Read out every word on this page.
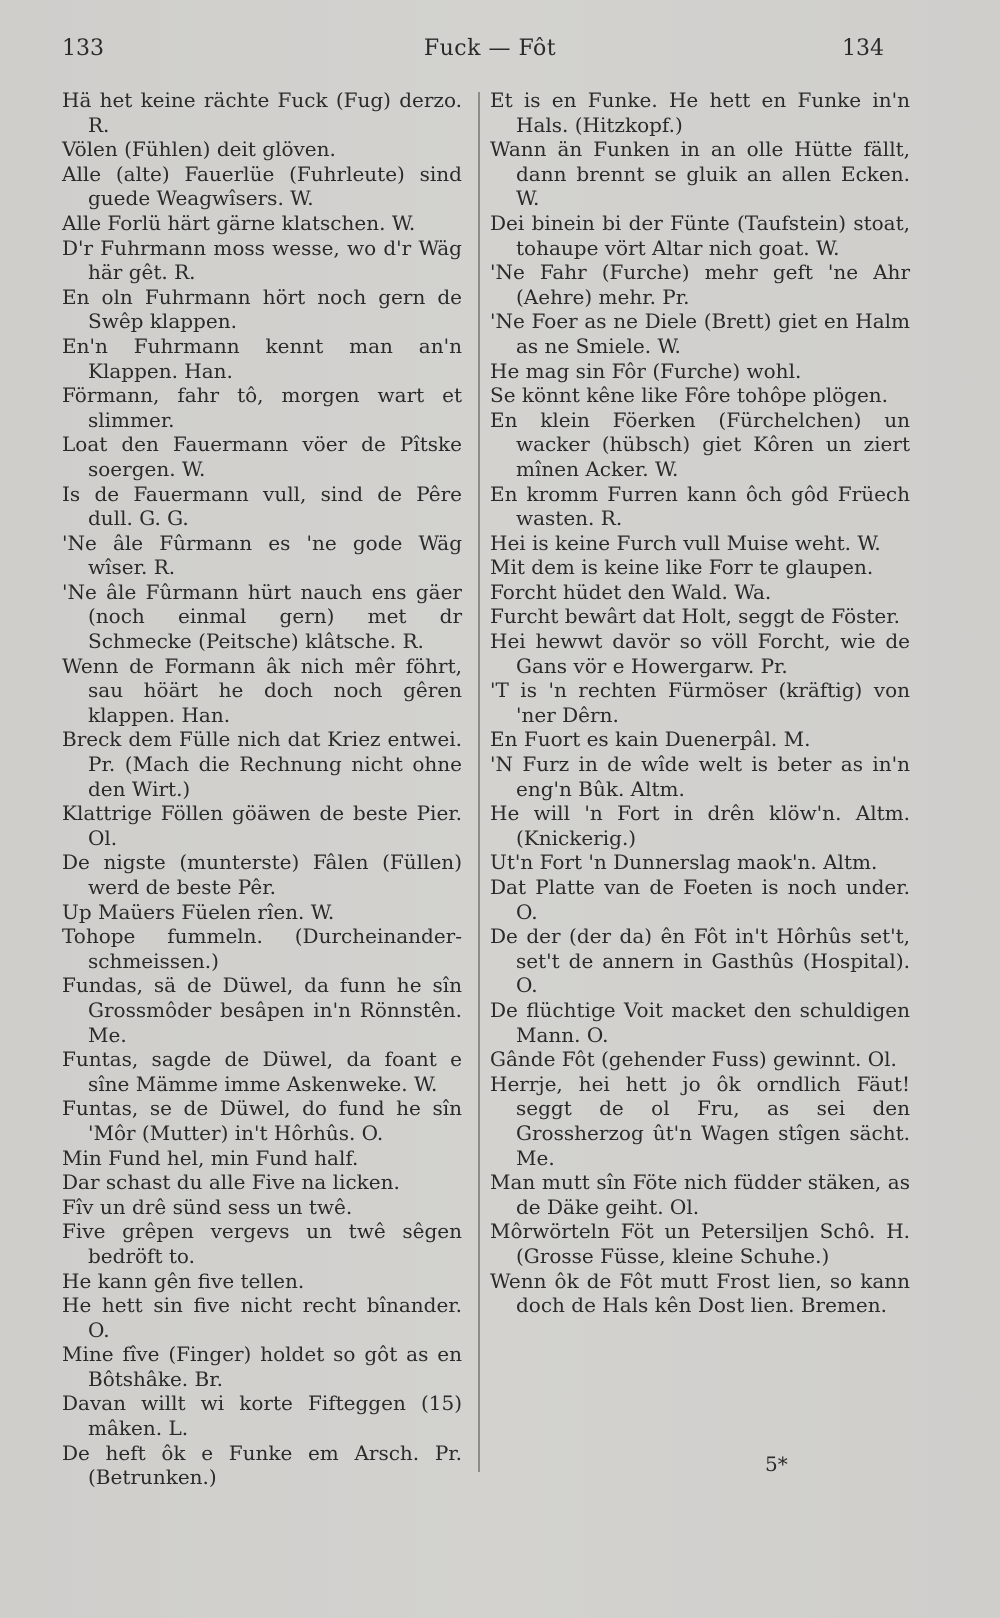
133	Fuck — Fôt	134

Hä het keine rächte Fuck (Fug) derzo. R.

Völen (Fühlen) deit glöven.

Alle (alte) Fauerlüe (Fuhrleute) sind guede Weagwîsers. W.

Alle Forlü härt gärne klatschen. W.

D'r Fuhrmann moss wesse, wo d'r Wäg här gêt. R.

En oln Fuhrmann hört noch gern de Swêp klappen.

En'n Fuhrmann kennt man an'n Klappen. Han.

Förmann, fahr tô, morgen wart et slimmer.

Loat den Fauermann vöer de Pîtske soergen. W.

Is de Fauermann vull, sind de Pêre dull. G. G.

'Ne âle Fûrmann es 'ne gode Wäg wîser. R.

'Ne âle Fûrmann hürt nauch ens gäer (noch einmal gern) met dr Schmecke (Peitsche) klâtsche. R.

Wenn de Formann âk nich mêr föhrt, sau höärt he doch noch gêren klappen. Han.

Breck dem Fülle nich dat Kriez entwei. Pr. (Mach die Rechnung nicht ohne den Wirt.)

Klattrige Föllen göäwen de beste Pier. Ol.

De nigste (munterste) Fâlen (Füllen) werd de beste Pêr.

Up Maüers Füelen rîen. W.

Tohope fummeln. (Durcheinander-schmeissen.)

Fundas, sä de Düwel, da funn he sîn Grossmôder besâpen in'n Rönnstên. Me.

Funtas, sagde de Düwel, da foant e sîne Mämme imme Askenweke. W.

Funtas, se de Düwel, do fund he sîn 'Môr (Mutter) in't Hôrhûs. O.

Min Fund hel, min Fund half.

Dar schast du alle Five na licken.

Fîv un drê sünd sess un twê.

Five grêpen vergevs un twê sêgen bedröft to.

He kann gên five tellen.

He hett sin five nicht recht bînander. O.

Mine fîve (Finger) holdet so gôt as en Bôtshâke. Br.

Davan willt wi korte Fifteggen (15) mâken. L.

De heft ôk e Funke em Arsch. Pr. (Betrunken.)

Et is en Funke. He hett en Funke in'n Hals. (Hitzkopf.)

Wann än Funken in an olle Hütte fällt, dann brennt se gluik an allen Ecken. W.

Dei binein bi der Fünte (Taufstein) stoat, tohaupe vört Altar nich goat. W.

'Ne Fahr (Furche) mehr geft 'ne Ahr (Aehre) mehr. Pr.

'Ne Foer as ne Diele (Brett) giet en Halm as ne Smiele. W.

He mag sin Fôr (Furche) wohl.

Se könnt kêne like Fôre tohôpe plögen.

En klein Föerken (Fürchelchen) un wacker (hübsch) giet Kôren un ziert mînen Acker. W.

En kromm Furren kann ôch gôd Früech wasten. R.

Hei is keine Furch vull Muise weht. W.

Mit dem is keine like Forr te glaupen.

Forcht hüdet den Wald. Wa.

Furcht bewârt dat Holt, seggt de Föster.

Hei hewwt davör so völl Forcht, wie de Gans vör e Howergarw. Pr.

'T is 'n rechten Fürmöser (kräftig) von 'ner Dêrn.

En Fuort es kain Duenerpâl. M.

'N Furz in de wîde welt is beter as in'n eng'n Bûk. Altm.

He will 'n Fort in drên klöw'n. Altm. (Knickerig.)

Ut'n Fort 'n Dunnerslag maok'n. Altm.

Dat Platte van de Foeten is noch under. O.

De der (der da) ên Fôt in't Hôrhûs set't, set't de annern in Gasthûs (Hospital). O.

De flüchtige Voit macket den schuldigen Mann. O.

Gânde Fôt (gehender Fuss) gewinnt. Ol.

Herrje, hei hett jo ôk orndlich Fäut! seggt de ol Fru, as sei den Grossherzog ût'n Wagen stîgen sächt. Me.

Man mutt sîn Föte nich füdder stäken, as de Däke geiht. Ol.

Môrwörteln Föt un Petersiljen Schô. H. (Grosse Füsse, kleine Schuhe.)

Wenn ôk de Fôt mutt Frost lien, so kann doch de Hals kên Dost lien. Bremen.

5*
